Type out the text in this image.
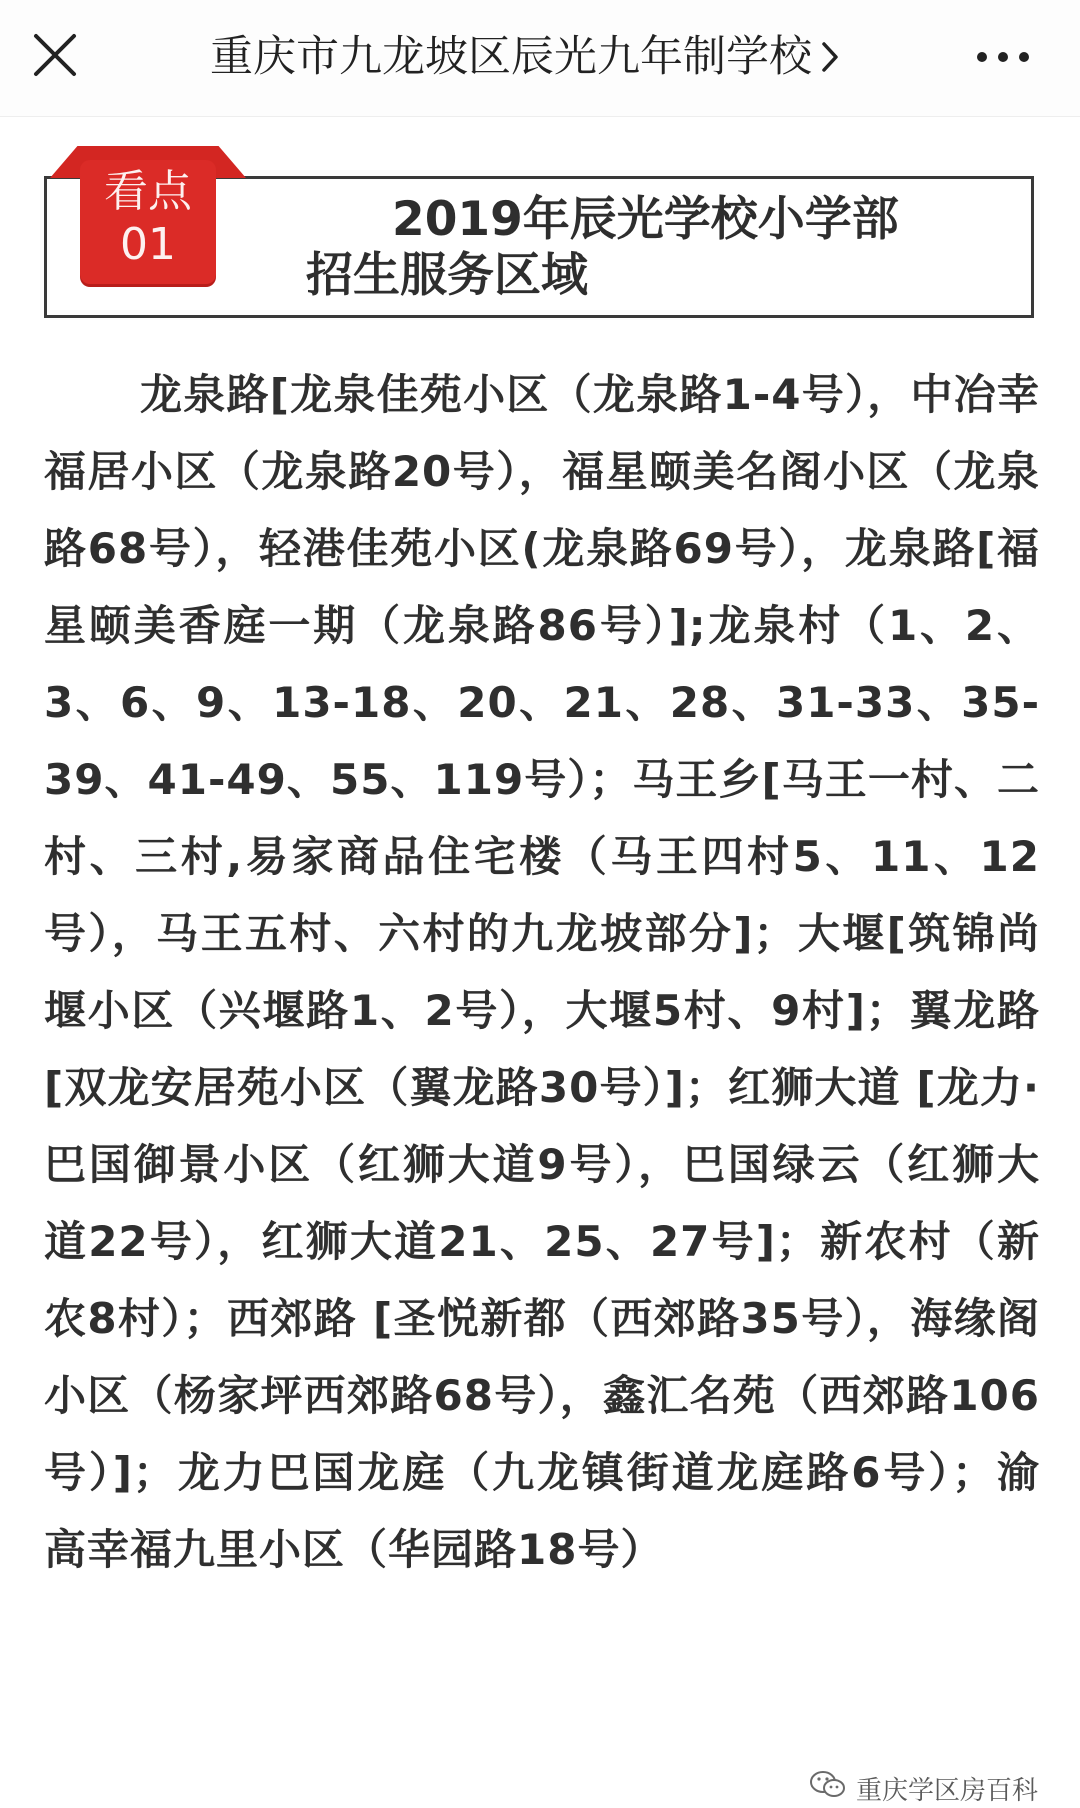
重庆市九龙坡区辰光九年制学校
看点
01	2019年辰光学校小学部
招生服务区域

龙泉路[龙泉佳苑小区（龙泉路1-4号），中冶幸福居小区（龙泉路20号），福星颐美名阁小区（龙泉路68号），轻港佳苑小区(龙泉路69号），龙泉路[福星颐美香庭一期（龙泉路86号）];龙泉村（1、2、3、6、9、13-18、20、21、28、31-33、35-39、41-49、55、119号）；马王乡[马王一村、二村、三村,易家商品住宅楼（马王四村5、11、12号），马王五村、六村的九龙坡部分]；大堰[筑锦尚堰小区（兴堰路1、2号），大堰5村、9村]；翼龙路 [双龙安居苑小区（翼龙路30号）]；红狮大道 [龙力·巴国御景小区（红狮大道9号），巴国绿云（红狮大道22号），红狮大道21、25、27号]；新农村（新农8村）；西郊路 [圣悦新都（西郊路35号），海缘阁小区（杨家坪西郊路68号），鑫汇名苑（西郊路106号）]；龙力巴国龙庭（九龙镇街道龙庭路6号）；渝高幸福九里小区（华园路18号）

重庆学区房百科
